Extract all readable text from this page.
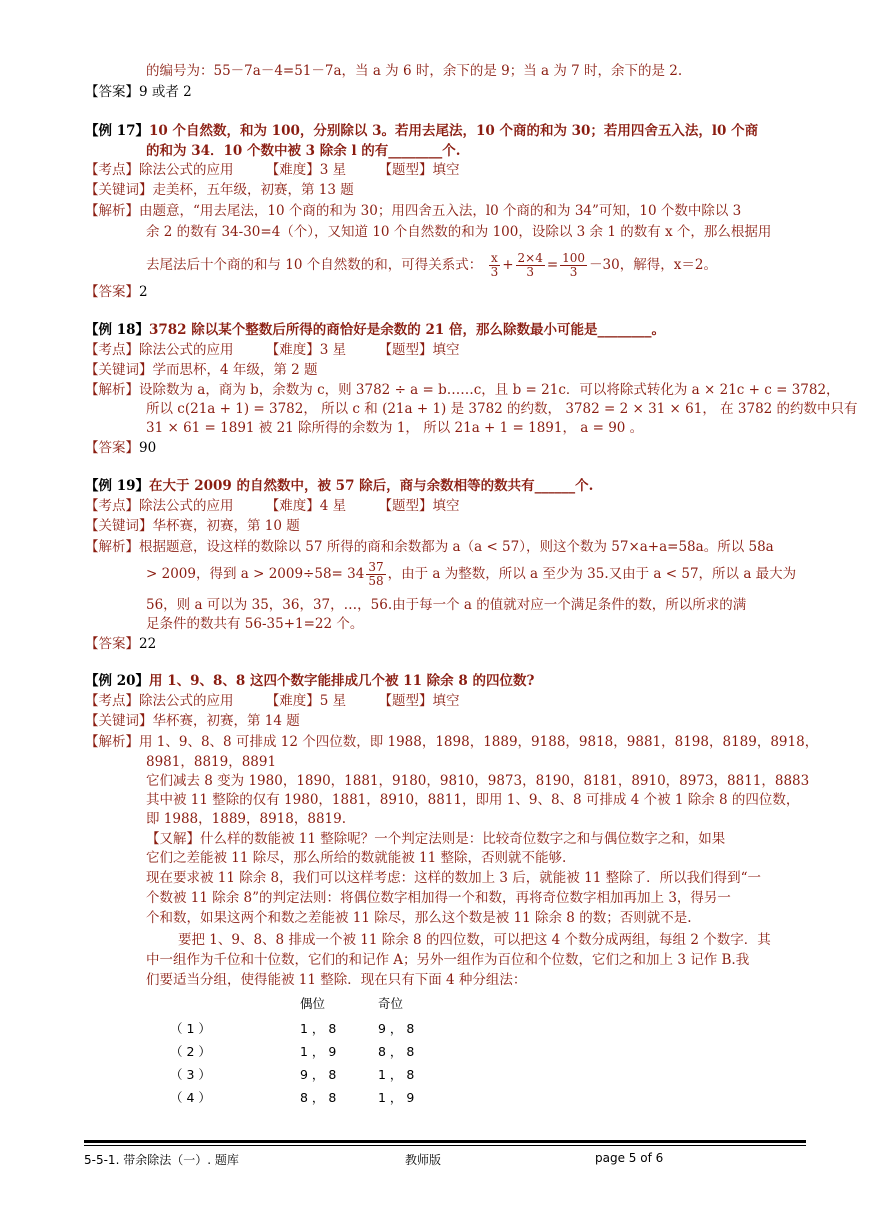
的编号为：55－7a－4=51－7a，当 a 为 6 时，余下的是 9；当 a 为 7 时，余下的是 2.
【答案】9 或者 2
【例 17】10 个自然数，和为 100，分别除以 3。若用去尾法，10 个商的和为 30；若用四舍五入法，l0 个商
的和为 34．10 个数中被 3 除余 l 的有________个.
【考点】除法公式的应用 【难度】3 星 【题型】填空
【关键词】走美杯，五年级，初赛，第 13 题
【解析】由题意，“用去尾法，10 个商的和为 30；用四舍五入法，l0 个商的和为 34”可知，10 个数中除以 3
余 2 的数有 34-30=4（个），又知道 10 个自然数的和为 100，设除以 3 余 1 的数有 x 个，那么根据用
去尾法后十个商的和与 10 个自然数的和，可得关系式： $\frac{x}{3} + \frac{2\times 4}{3} = \frac{100}{3} -30$，解得，x＝2。
【答案】2
【例 18】3782 除以某个整数后所得的商恰好是余数的 21 倍，那么除数最小可能是________。
【考点】除法公式的应用 【难度】3 星 【题型】填空
【关键词】学而思杯，4 年级，第 2 题
【解析】设除数为 a，商为 b，余数为 c，则 3782 ÷ a = b……c，且 b = 21c．可以将除式转化为 a × 21c + c = 3782，
所以 c(21a + 1) = 3782， 所以 c 和 (21a + 1) 是 3782 的约数， 3782 = 2 × 31 × 61， 在 3782 的约数中只有
31 × 61 = 1891 被 21 除所得的余数为 1， 所以 21a + 1 = 1891， a = 90 。
【答案】90
【例 19】在大于 2009 的自然数中，被 57 除后，商与余数相等的数共有______个.
【考点】除法公式的应用 【难度】4 星 【题型】填空
【关键词】华杯赛，初赛，第 10 题
【解析】根据题意，设这样的数除以 57 所得的商和余数都为 a（a < 57），则这个数为 57×a+a=58a。所以 58a
> 2009，得到 $a > 2009\div 58= 34 \frac{37}{58}$ ，由于 a 为整数，所以 a 至少为 35.又由于 a < 57，所以 a 最大为
56，则 a 可以为 35，36，37，…，56.由于每一个 a 的值就对应一个满足条件的数，所以所求的满
足条件的数共有 56-35+1=22 个。
【答案】22
【例 20】用 1、9、8、8 这四个数字能排成几个被 11 除余 8 的四位数?
【考点】除法公式的应用 【难度】5 星 【题型】填空
【关键词】华杯赛，初赛，第 14 题
【解析】用 1、9、8、8 可排成 12 个四位数，即 1988，1898，1889，9188，9818，9881，8198，8189，8918，
8981，8819，8891
它们减去 8 变为 1980，1890，1881，9180，9810，9873，8190，8181，8910，8973，8811，8883
其中被 11 整除的仅有 1980，1881，8910，8811，即用 1、9、8、8 可排成 4 个被 1 除余 8 的四位数，
即 1988，1889，8918，8819.
【又解】什么样的数能被 11 整除呢？一个判定法则是：比较奇位数字之和与偶位数字之和，如果
它们之差能被 11 除尽，那么所给的数就能被 11 整除，否则就不能够.
现在要求被 11 除余 8，我们可以这样考虑：这样的数加上 3 后，就能被 11 整除了．所以我们得到“一
个数被 11 除余 8”的判定法则：将偶位数字相加得一个和数，再将奇位数字相加再加上 3，得另一
个和数，如果这两个和数之差能被 11 除尽，那么这个数是被 11 除余 8 的数；否则就不是.
要把 1、9、8、8 排成一个被 11 除余 8 的四位数，可以把这 4 个数分成两组，每组 2 个数字．其
中一组作为千位和十位数，它们的和记作 A；另外一组作为百位和个位数，它们之和加上 3 记作 B.我
们要适当分组，使得能被 11 整除．现在只有下面 4 种分组法：
偶位	奇位
（ 1 ）	1 ， 8	9 ， 8
（ 2 ）	1 ， 9	8 ， 8
（ 3 ）	9 ， 8	1 ， 8
（ 4 ）	8 ， 8	1 ， 9
5-5-1. 带余除法（一）. 题库	教师版	page 5 of 6
